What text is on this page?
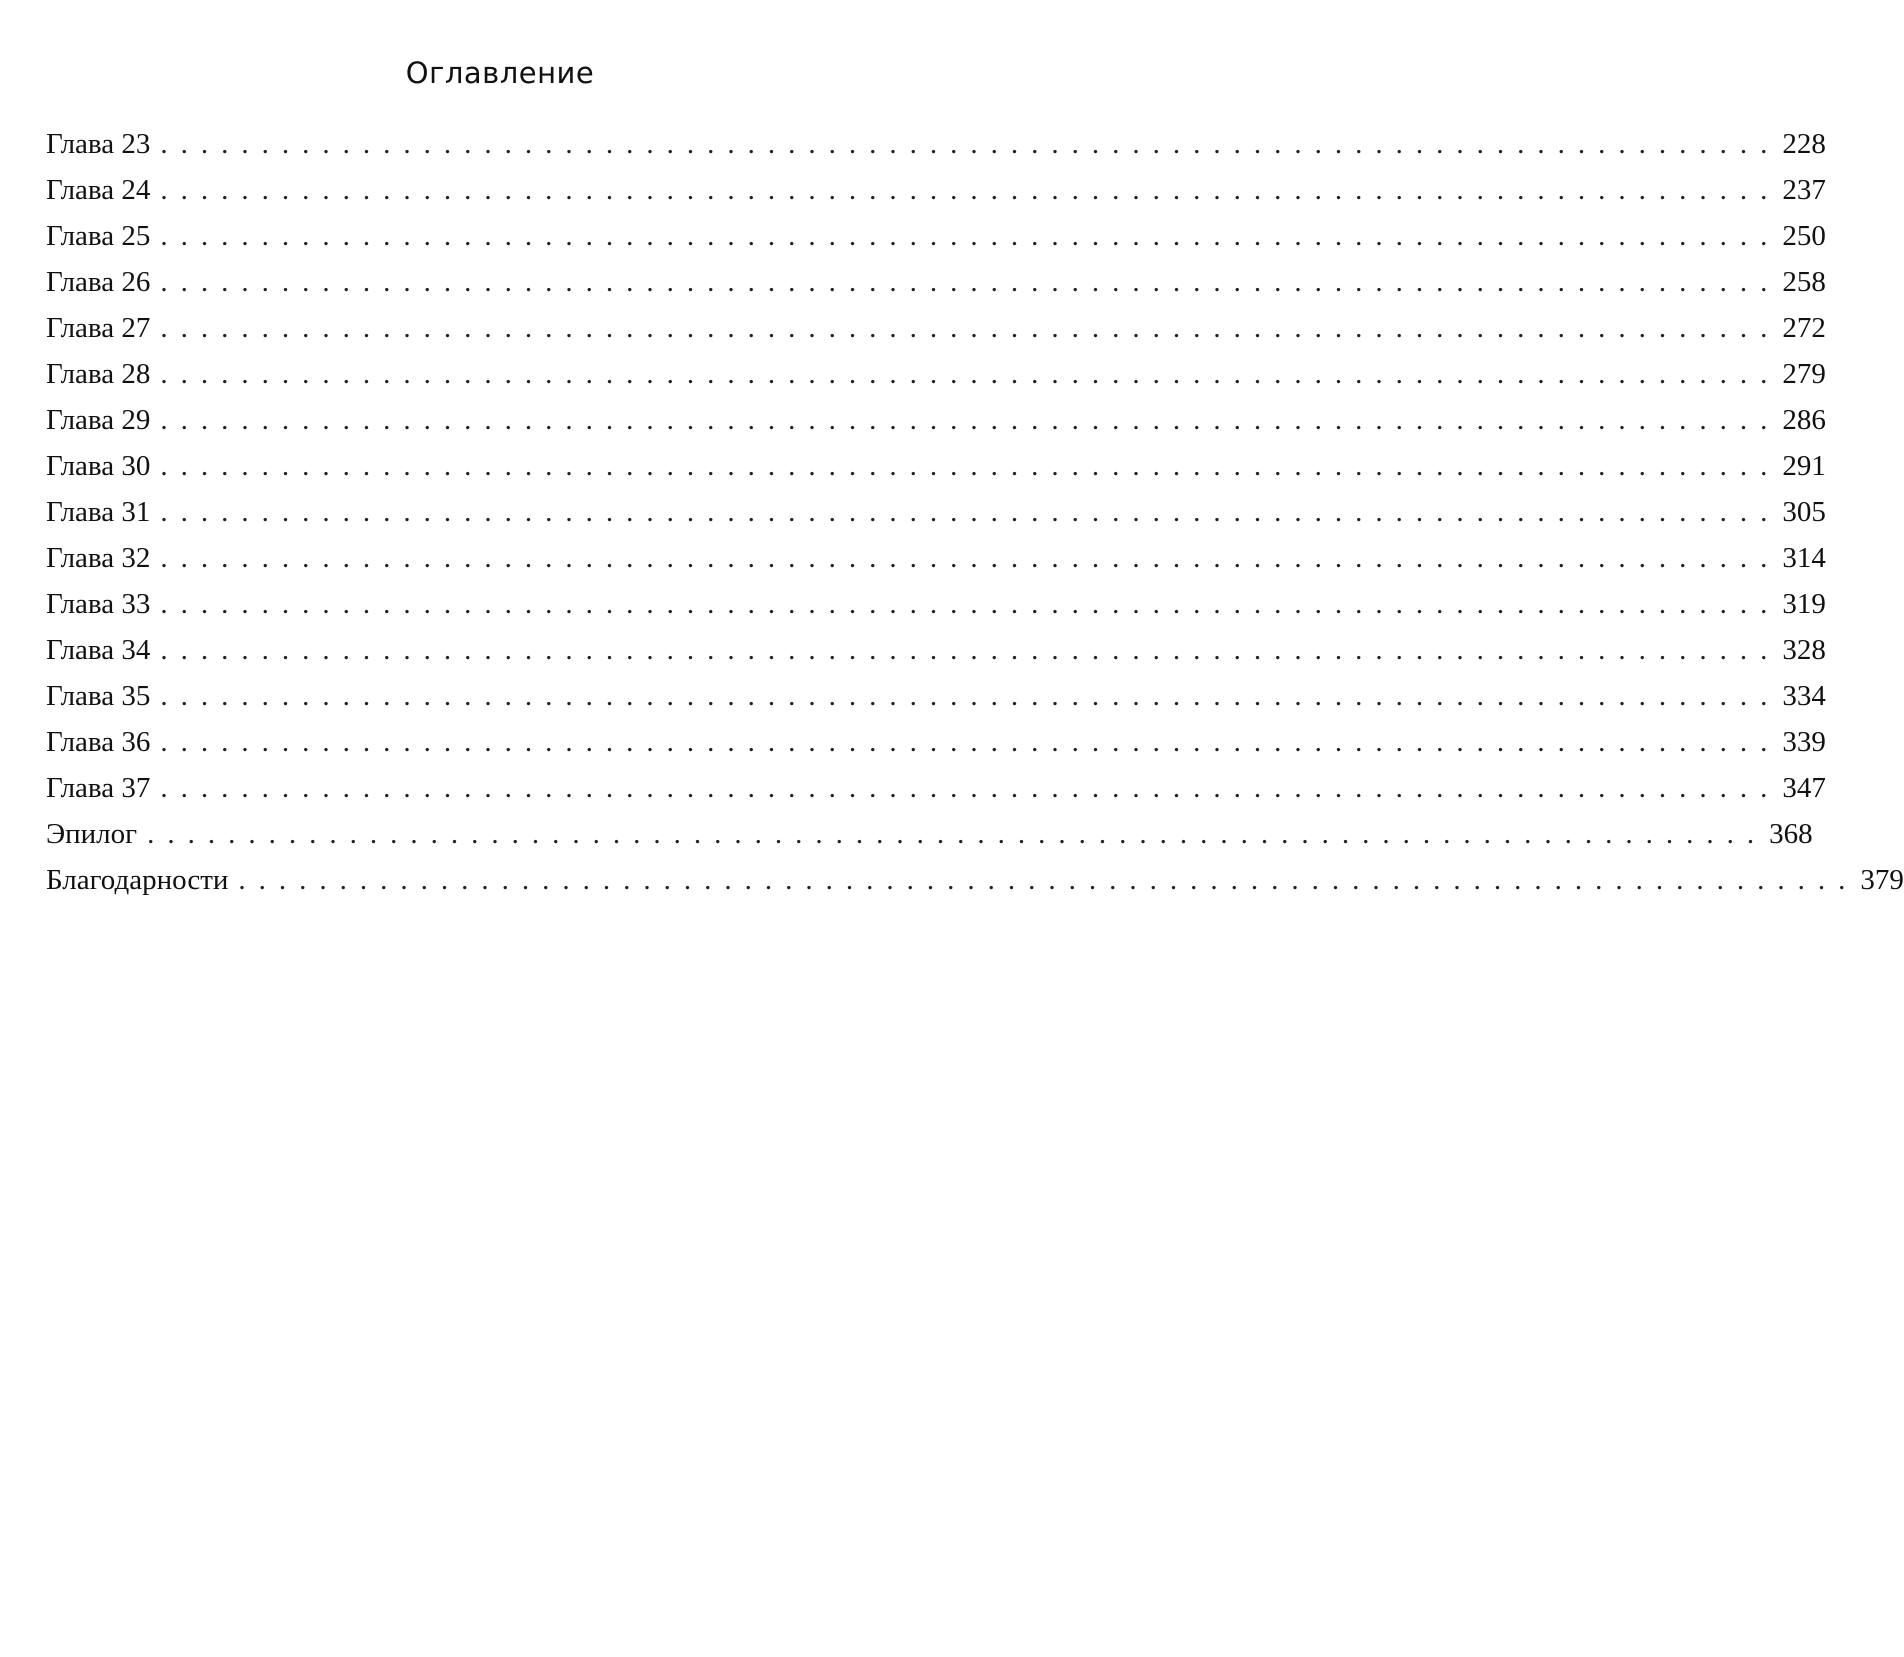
Оглавление
Глава 23 ................................................................................ 228
Глава 24 ................................................................................ 237
Глава 25 ................................................................................ 250
Глава 26 ................................................................................ 258
Глава 27 ................................................................................ 272
Глава 28 ................................................................................ 279
Глава 29 ................................................................................ 286
Глава 30 ................................................................................ 291
Глава 31 ................................................................................ 305
Глава 32 ................................................................................ 314
Глава 33 ................................................................................ 319
Глава 34 ................................................................................ 328
Глава 35 ................................................................................ 334
Глава 36 ................................................................................ 339
Глава 37 ................................................................................ 347
Эпилог ................................................................................ 368
Благодарности ................................................................................ 379
